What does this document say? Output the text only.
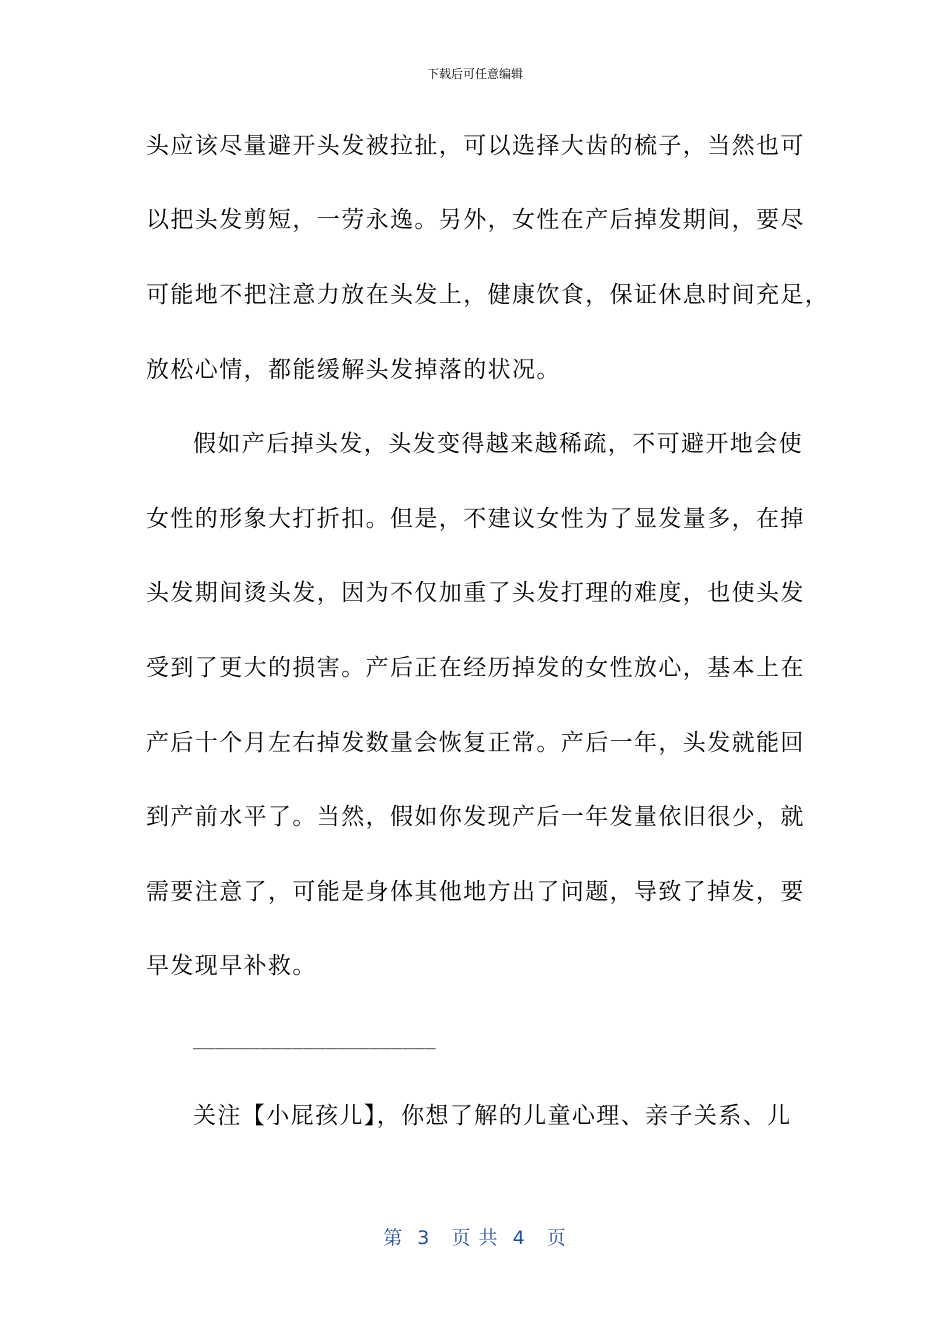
下载后可任意编辑
头应该尽量避开头发被拉扯，可以选择大齿的梳子，当然也可
以把头发剪短，一劳永逸。另外，女性在产后掉发期间，要尽
可能地不把注意力放在头发上，健康饮食，保证休息时间充足，
放松心情，都能缓解头发掉落的状况。
假如产后掉头发，头发变得越来越稀疏，不可避开地会使
女性的形象大打折扣。但是，不建议女性为了显发量多，在掉
头发期间烫头发，因为不仅加重了头发打理的难度，也使头发
受到了更大的损害。产后正在经历掉发的女性放心，基本上在
产后十个月左右掉发数量会恢复正常。产后一年，头发就能回
到产前水平了。当然，假如你发现产后一年发量依旧很少，就
需要注意了，可能是身体其他地方出了问题，导致了掉发，要
早发现早补救。
______________________
关注【小屁孩儿】，你想了解的儿童心理、亲子关系、儿
第  3   页 共  4   页
